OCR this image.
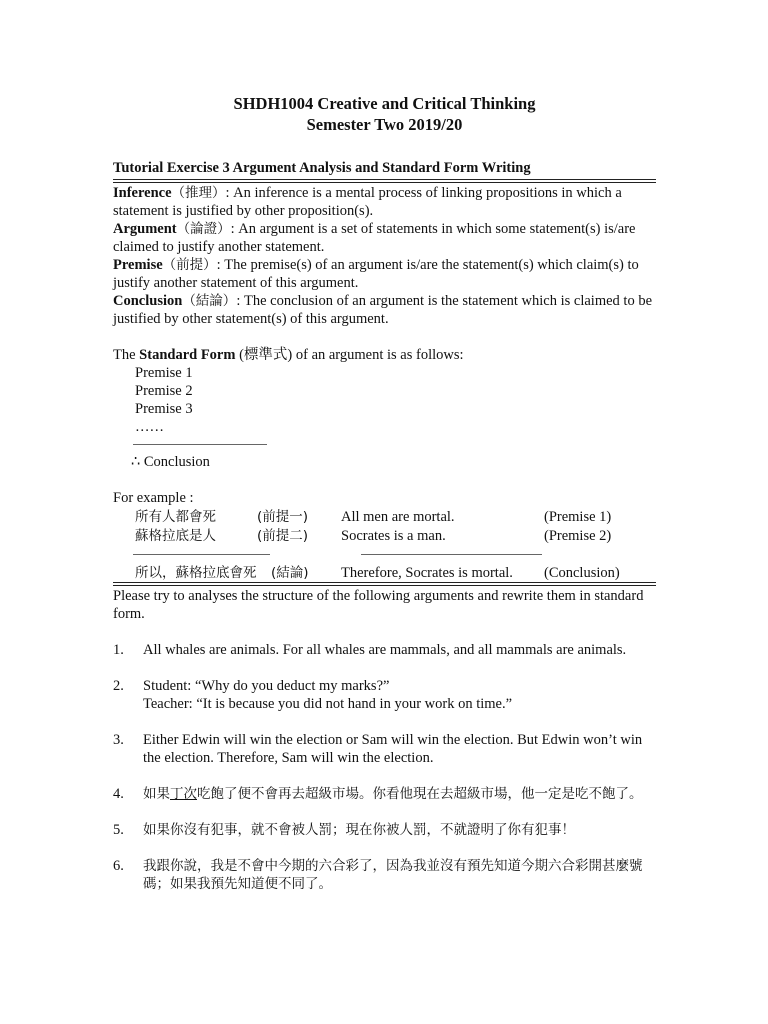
SHDH1004 Creative and Critical Thinking
Semester Two 2019/20
Tutorial Exercise 3 Argument Analysis and Standard Form Writing

Inference（推理）: An inference is a mental process of linking propositions in which a statement is justified by other proposition(s).

Argument（論證）: An argument is a set of statements in which some statement(s) is/are claimed to justify another statement.

Premise（前提）: The premise(s) of an argument is/are the statement(s) which claim(s) to justify another statement of this argument.

Conclusion（結論）: The conclusion of an argument is the statement which is claimed to be justified by other statement(s) of this argument.

The Standard Form (標準式) of an argument is as follows:
Premise 1
Premise 2
Premise 3
……
∴ Conclusion
For example :
所有人都會死	(前提一)	All men are mortal.	(Premise 1)
蘇格拉底是人	(前提二)	Socrates is a man.	(Premise 2)
所以，蘇格拉底會死	(結論)	Therefore, Socrates is mortal.	(Conclusion)
Please try to analyses the structure of the following arguments and rewrite them in standard form.
1.	All whales are animals. For all whales are mammals, and all mammals are animals.
2.	Student: “Why do you deduct my marks?”
Teacher: “It is because you did not hand in your work on time.”
3.	Either Edwin will win the election or Sam will win the election. But Edwin won’t win the election. Therefore, Sam will win the election.
4.	如果丁次吃飽了便不會再去超級市場。你看他現在去超級市場，他一定是吃不飽了。
5.	如果你沒有犯事，就不會被人罰；現在你被人罰，不就證明了你有犯事！
6.	我跟你說，我是不會中今期的六合彩了，因為我並沒有預先知道今期六合彩開甚麼號碼；如果我預先知道便不同了。
